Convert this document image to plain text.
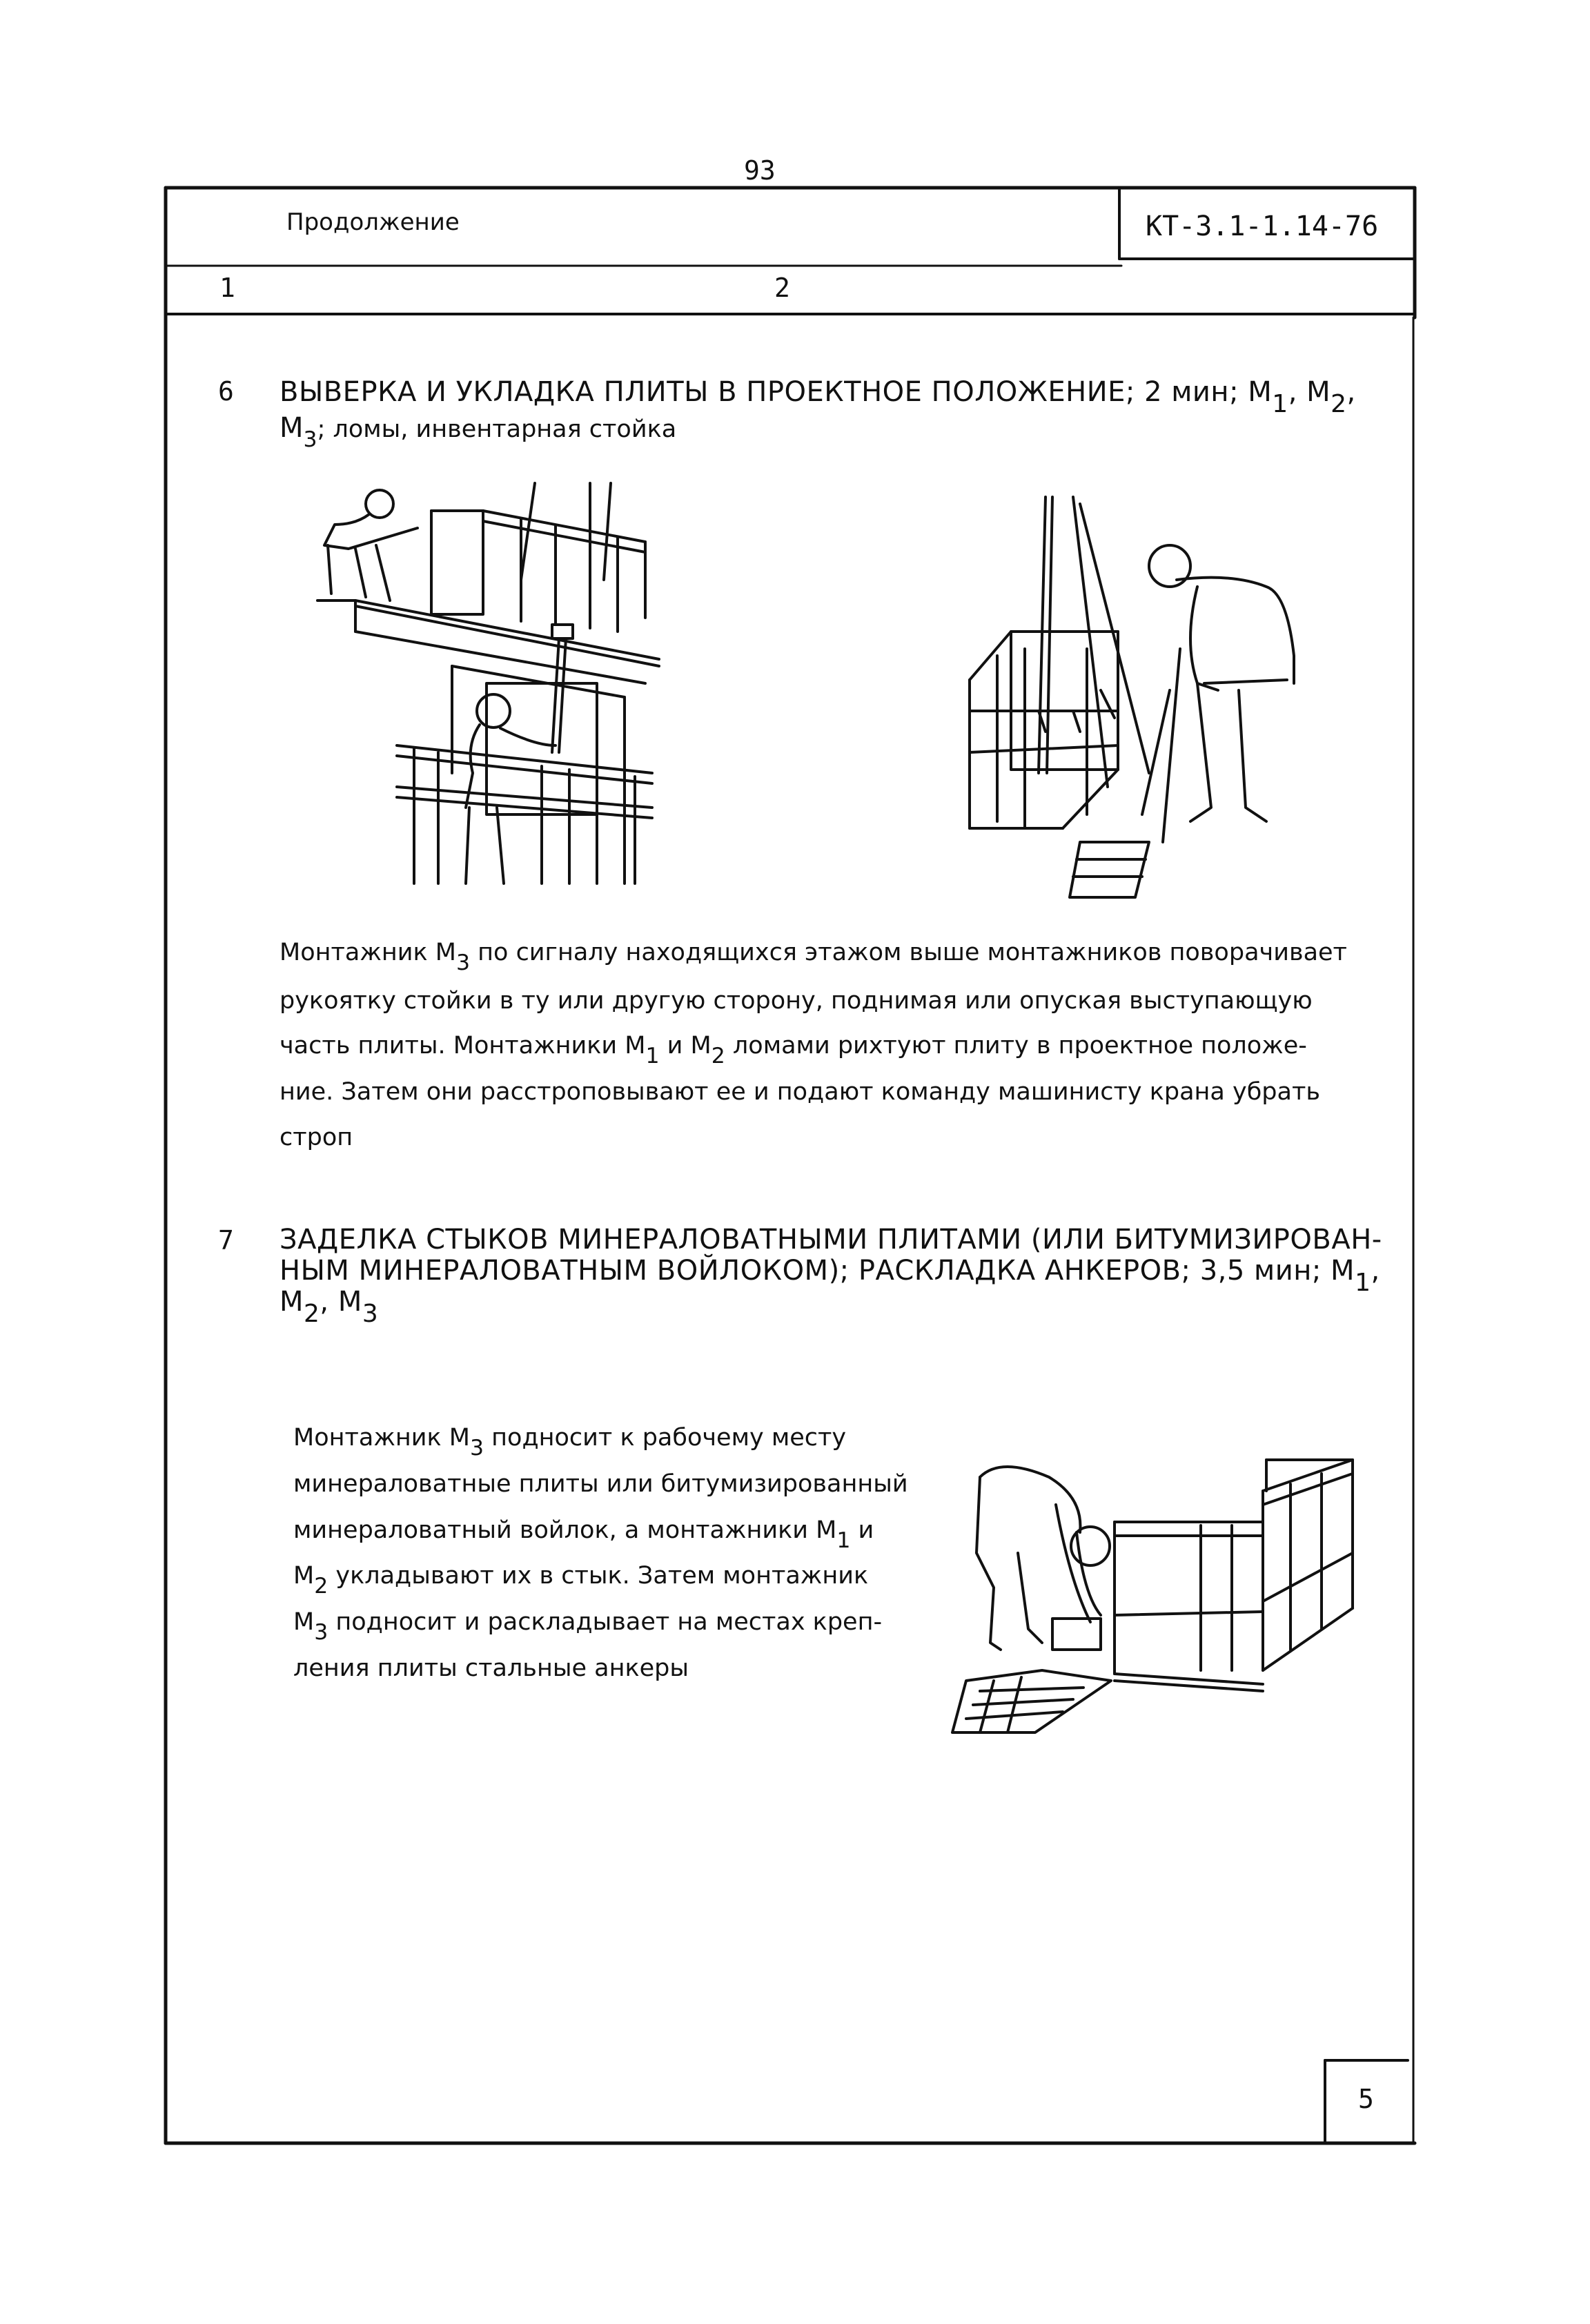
93
Продолжение	КТ-3.1-1.14-76
1	2
6 ВЫВЕРКА И УКЛАДКА ПЛИТЫ В ПРОЕКТНОЕ ПОЛОЖЕНИЕ; 2 мин; $М_1$, $М_2$,
$М_3$; ломы, инвентарная стойка
Монтажник $М_3$ по сигналу находящихся этажом выше монтажников поворачивает
рукоятку стойки в ту или другую сторону, поднимая или опуская выступающую
часть плиты. Монтажники $М_1$ и $М_2$ ломами рихтуют плиту в проектное положе-
ние. Затем они расстроповывают ее и подают команду машинисту крана убрать
строп
7 ЗАДЕЛКА СТЫКОВ МИНЕРАЛОВАТНЫМИ ПЛИТАМИ (ИЛИ БИТУМИЗИРОВАН-
НЫМ МИНЕРАЛОВАТНЫМ ВОЙЛОКОМ); РАСКЛАДКА АНКЕРОВ; 3,5 мин; $М_1$,
$М_2$, $М_3$
Монтажник $М_3$ подносит к рабочему месту
минераловатные плиты или битумизированный
минераловатный войлок, а монтажники $М_1$ и
$М_2$ укладывают их в стык. Затем монтажник
$М_3$ подносит и раскладывает на местах креп-
ления плиты стальные анкеры
5
